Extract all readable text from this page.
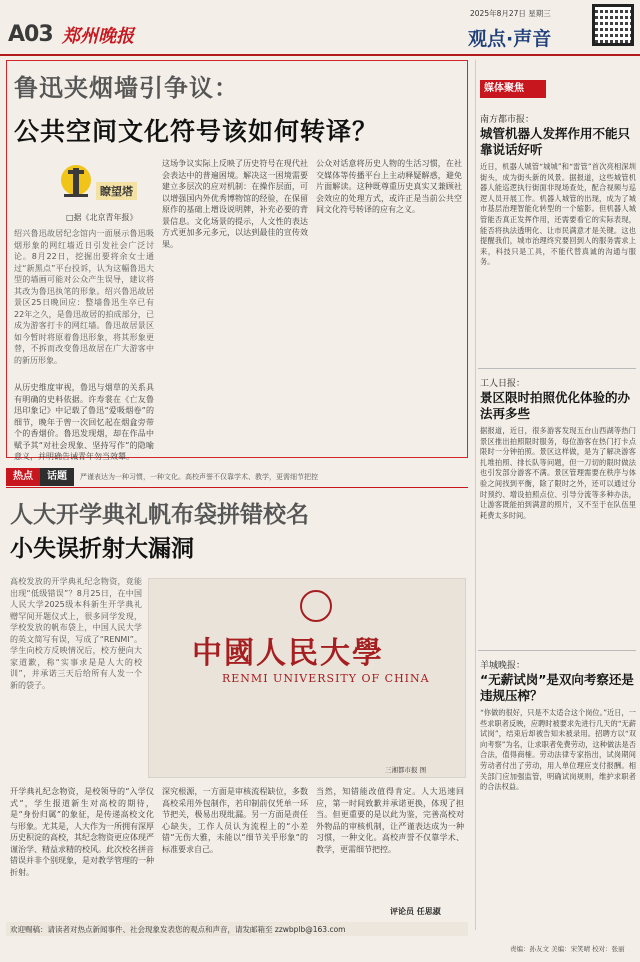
A03 郑州晚报
2025年8月27日 星期三
观点·声音
鲁迅夹烟墙引争议：
公共空间文化符号该如何转译？
瞭望塔
□据《北京青年报》
绍兴鲁迅故居纪念馆内一面展示鲁迅吸烟形象的网红墙近日引发社会广泛讨论。8月22日，挖掘出要将余女士通过“新黑点”平台投诉，认为这幅鲁迅大型的墙画可能对公众产生误导，建议将其改为鲁迅执笔的形象。绍兴鲁迅故居景区25日晚回应：整墙鲁迅生卒已有22年之久，是鲁迅故居的拍成部分，已成为游客打卡的网红墙。鲁迅故居景区如今暂时将原着鲁迅形象，将其形象更替，不拆而改变鲁迅故居在广大游客中的新历形象。
从历史维度审视，鲁迅与烟草的关系具有明确的史料依据。许寿裳在《亡友鲁迅印象记》中记载了鲁迅“爱吸烟卷”的细节，晚年于曾一次回忆起在烟盒旁带个的香烟价。鲁迅发现烟，却在作品中赋予其“对社会现象、坚持写作”的隐喻意义，并明确告诫青年勿当效颦。
这场争议实际上反映了历史符号在现代社会表达中的普遍困境。解决这一困境需要建立多层次的应对机制：在操作层面，可以增强国内外优秀博物馆的经验，在保留原作的基础上增设说明牌，补充必要的背景信息。文化场景的提示，人文性的表达方式更加多元多元，以达到最佳的宣传效果。
公众对话意将历史人物的生活习惯，在社交媒体等传播平台上主动释疑解惑，避免片面解读。这种既尊重历史真实又兼顾社会效应的处理方式，或许正是当前公共空间文化符号转译的应有之义。
热点	话题	严谨表达为一种习惯，一种文化。高校声誉不仅靠学术、教学，更需细节把控
人大开学典礼帆布袋拼错校名
小失误折射大漏洞
高校发放的开学典礼纪念物资，竟能出现“低级错误”？8月25日，在中国人民大学2025级本科新生开学典礼赠罕间开题仪式上，很多同学发现，学校发放的帆布袋上，中国人民大学的英文简写有误，写成了“RENMI”。学生向校方反映情况后，校方便向大家道歉，称“实事求是是人大的校训”，并承诺三天后给所有人发一个新的袋子。
中國人民大學
RENMI UNIVERSITY OF CHINA
三湘都市报 图
开学典礼纪念物资，是校领导的“入学仪式”，学生报道新生对高校的期待，是“身份归属”的象征，是传递高校文化与形象。尤其是，人大作为一所拥有深厚历史积淀的高校，其纪念物资更应体现严谨治学、精益求精的校风。此次校名拼音错误并非个别现象，是对教学管理的一种折射。
深究根源，一方面是审核流程缺位，多数高校采用外包制作，若印制前仅凭单一环节把关，极易出现纰漏。另一方面是责任心缺失，工作人员认为流程上的“小差错”无伤大雅，未能以“细节关乎形象”的标准要求自己。
当然，知错能改值得肯定。人大迅速回应，第一时间致歉并承诺更换，体现了担当。但更重要的是以此为鉴，完善高校对外物品的审核机制，让严谨表达成为一种习惯，一种文化。高校声誉不仅靠学术、教学，更需细节把控。
评论员 任思淑
欢迎赐稿：请读者对热点新闻事件、社会现象发表您的观点和声音，请发邮箱至 zzwbplb@163.com
责编：孙友文 美编：宋笑晴 校对：张丽
媒体聚焦
南方都市报：
城管机器人发挥作用不能只靠说话好听
近日，机器人城管“城城”和“雷管”首次亮相深圳街头，成为街头新的风景。据报道，这些城管机器人能巡逻执行街面非现场查处，配合视频与巡逻人员开展工作。机器人城管的出现，成为了城市基层治理智能化转型的一个缩影。但机器人城管能否真正发挥作用，还需要看它的实际表现，能否将执法透明化、让市民满意才是关键。这也提醒我们，城市治理终究要回到人的服务需求上来，科技只是工具，不能代替真诚的沟通与服务。
工人日报：
景区限时拍照优化体验的办法再多些
据报道，近日，很多游客发现五台山西湖等热门景区推出拍照限时服务，每位游客在热门打卡点限时一分钟拍照。景区这样做，是为了解决游客扎堆拍照、排长队等问题，但一刀切的限时做法也引发部分游客不满。景区管理需要在秩序与体验之间找到平衡，除了限时之外，还可以通过分时预约、增设拍照点位、引导分流等多种办法，让游客既能拍到满意的照片，又不至于在队伍里耗费太多时间。
羊城晚报：
“无薪试岗”是双向考察还是违规压榨？
“你做的很好，只是不太适合这个岗位。”近日，一些求职者反映，应聘时被要求先进行几天的“无薪试岗”，结束后却被告知未被录用。招聘方以“双向考察”为名，让求职者免费劳动，这种做法是否合法，值得商榷。劳动法律专家指出，试岗期间劳动者付出了劳动，用人单位理应支付报酬。相关部门应加强监管，明确试岗规则，维护求职者的合法权益。
